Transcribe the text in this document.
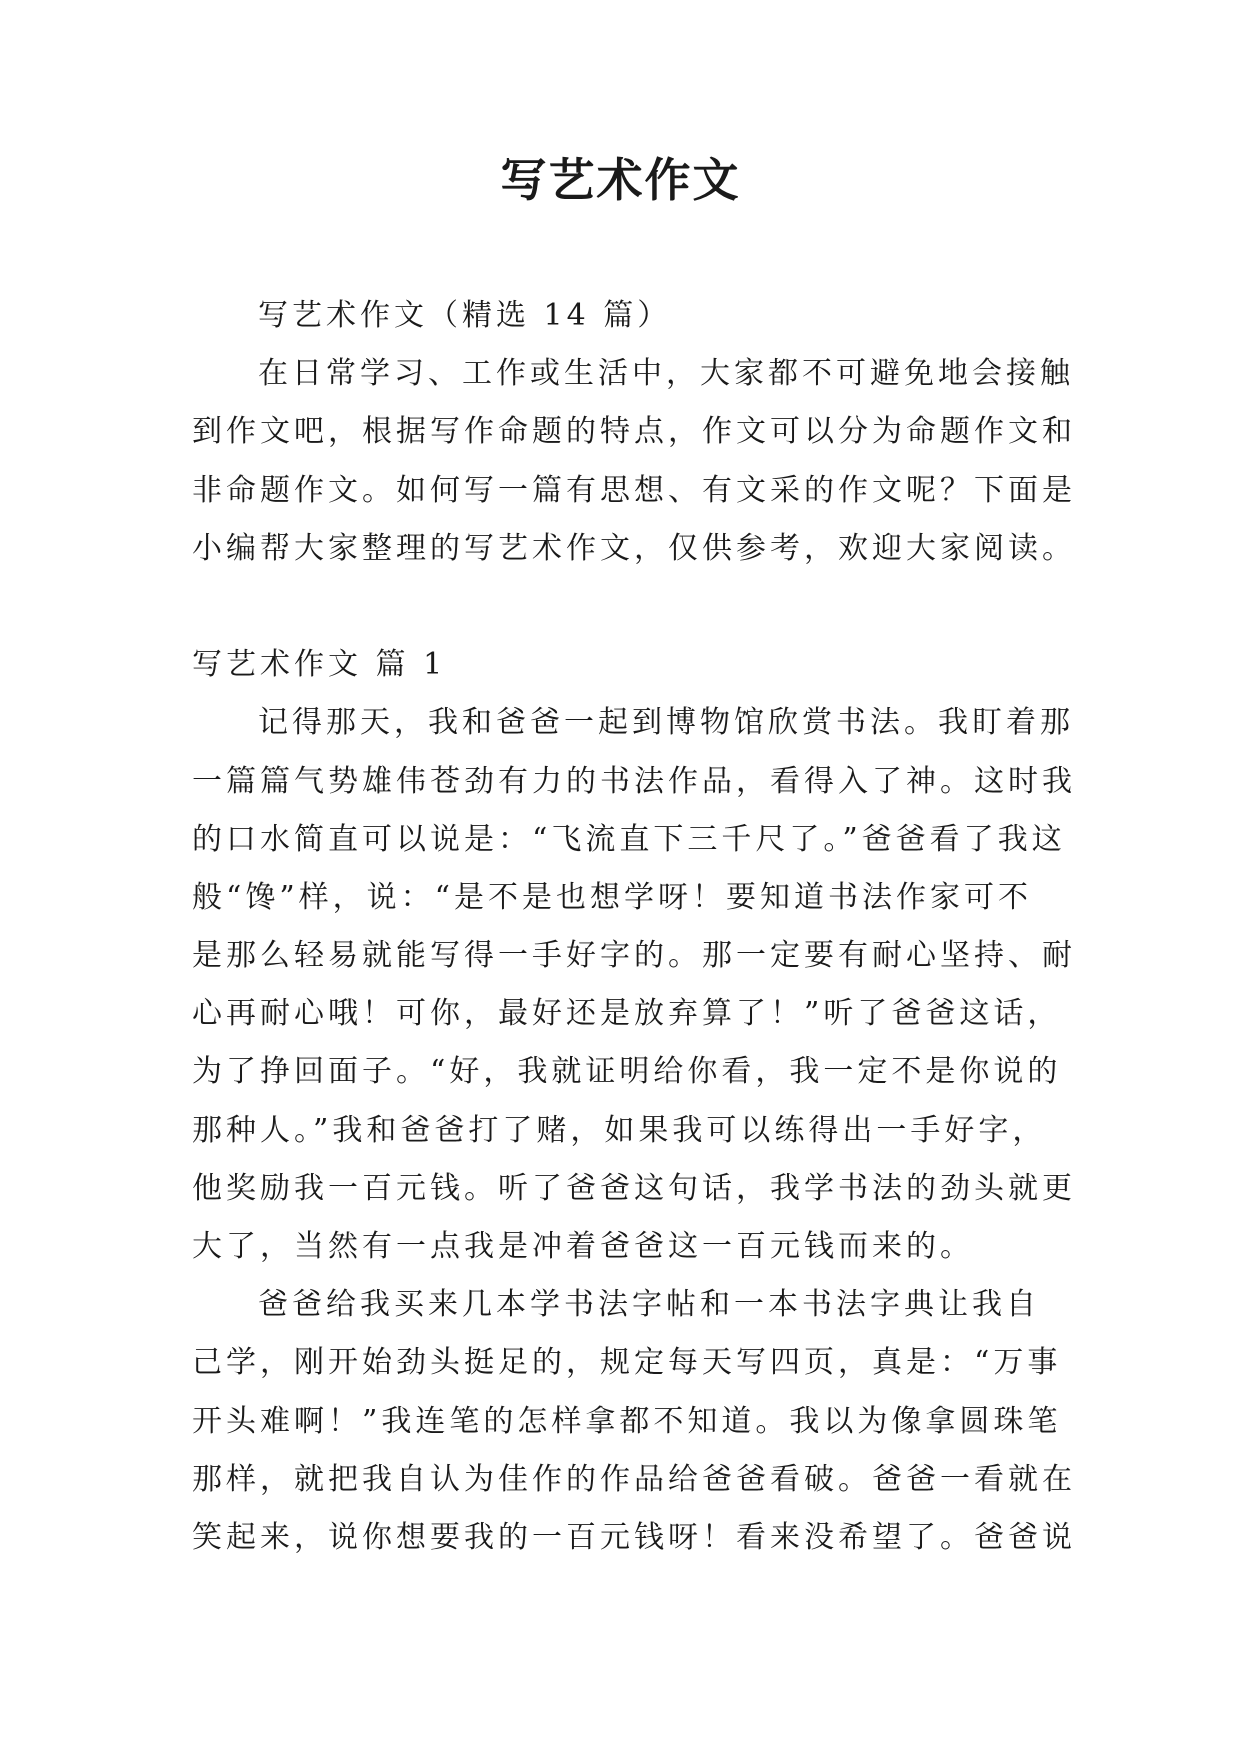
写艺术作文
写艺术作文（精选 14 篇）
在日常学习、工作或生活中，大家都不可避免地会接触
到作文吧，根据写作命题的特点，作文可以分为命题作文和
非命题作文。如何写一篇有思想、有文采的作文呢？下面是
小编帮大家整理的写艺术作文，仅供参考，欢迎大家阅读。
写艺术作文 篇 1
记得那天，我和爸爸一起到博物馆欣赏书法。我盯着那
一篇篇气势雄伟苍劲有力的书法作品，看得入了神。这时我
的口水简直可以说是：“飞流直下三千尺了。”爸爸看了我这
般“馋”样，说：“是不是也想学呀！要知道书法作家可不
是那么轻易就能写得一手好字的。那一定要有耐心坚持、耐
心再耐心哦！可你，最好还是放弃算了！”听了爸爸这话，
为了挣回面子。“好，我就证明给你看，我一定不是你说的
那种人。”我和爸爸打了赌，如果我可以练得出一手好字，
他奖励我一百元钱。听了爸爸这句话，我学书法的劲头就更
大了，当然有一点我是冲着爸爸这一百元钱而来的。
爸爸给我买来几本学书法字帖和一本书法字典让我自
己学，刚开始劲头挺足的，规定每天写四页，真是：“万事
开头难啊！”我连笔的怎样拿都不知道。我以为像拿圆珠笔
那样，就把我自认为佳作的作品给爸爸看破。爸爸一看就在
笑起来，说你想要我的一百元钱呀！看来没希望了。爸爸说
